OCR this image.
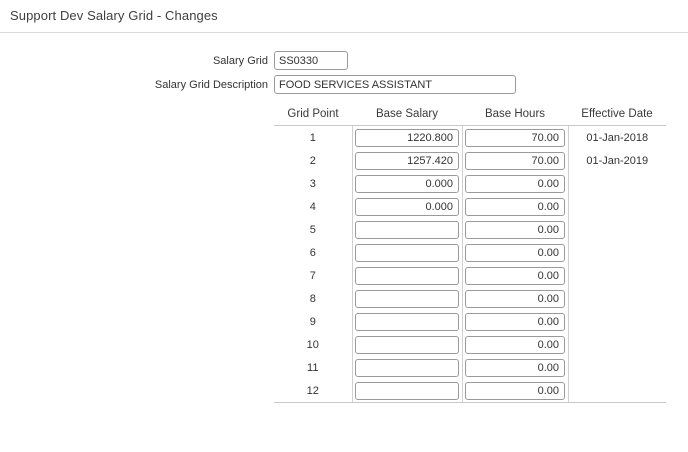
Support Dev Salary Grid - Changes
Salary Grid
SS0330
Salary Grid Description
FOOD SERVICES ASSISTANT
Grid Point	Base Salary	Base Hours	Effective Date
1	1220.800	70.00	01-Jan-2018
2	1257.420	70.00	01-Jan-2019
3	0.000	0.00	
4	0.000	0.00	
5		0.00	
6		0.00	
7		0.00	
8		0.00	
9		0.00	
10		0.00	
11		0.00	
12		0.00	
